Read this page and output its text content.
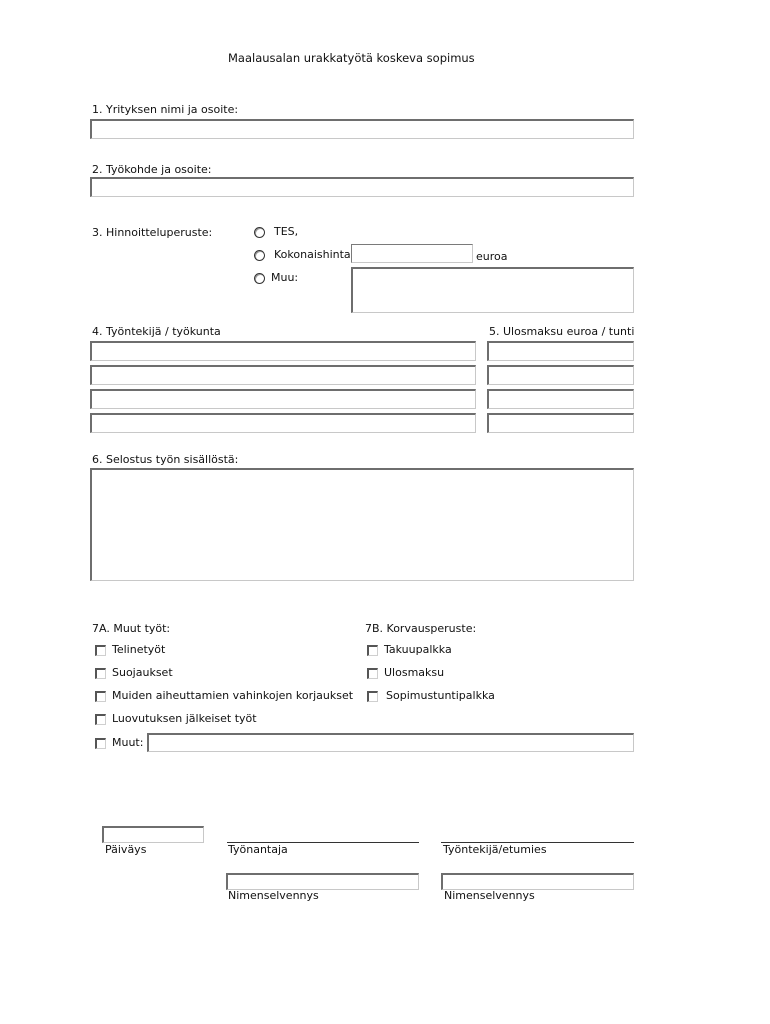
Maalausalan urakkatyötä koskeva sopimus
1. Yrityksen nimi ja osoite:
2. Työkohde ja osoite:
3. Hinnoitteluperuste:	TES,
Kokonaishinta	euroa
Muu:
4. Työntekijä / työkunta	5. Ulosmaksu euroa / tunti
6. Selostus työn sisällöstä:
7A. Muut työt:
Telinetyöt
Suojaukset
Muiden aiheuttamien vahinkojen korjaukset
Luovutuksen jälkeiset työt
Muut:
7B. Korvausperuste:
Takuupalkka
Ulosmaksu
Sopimustuntipalkka
Päiväys	Työnantaja	Työntekijä/etumies
Nimenselvennys	Nimenselvennys
